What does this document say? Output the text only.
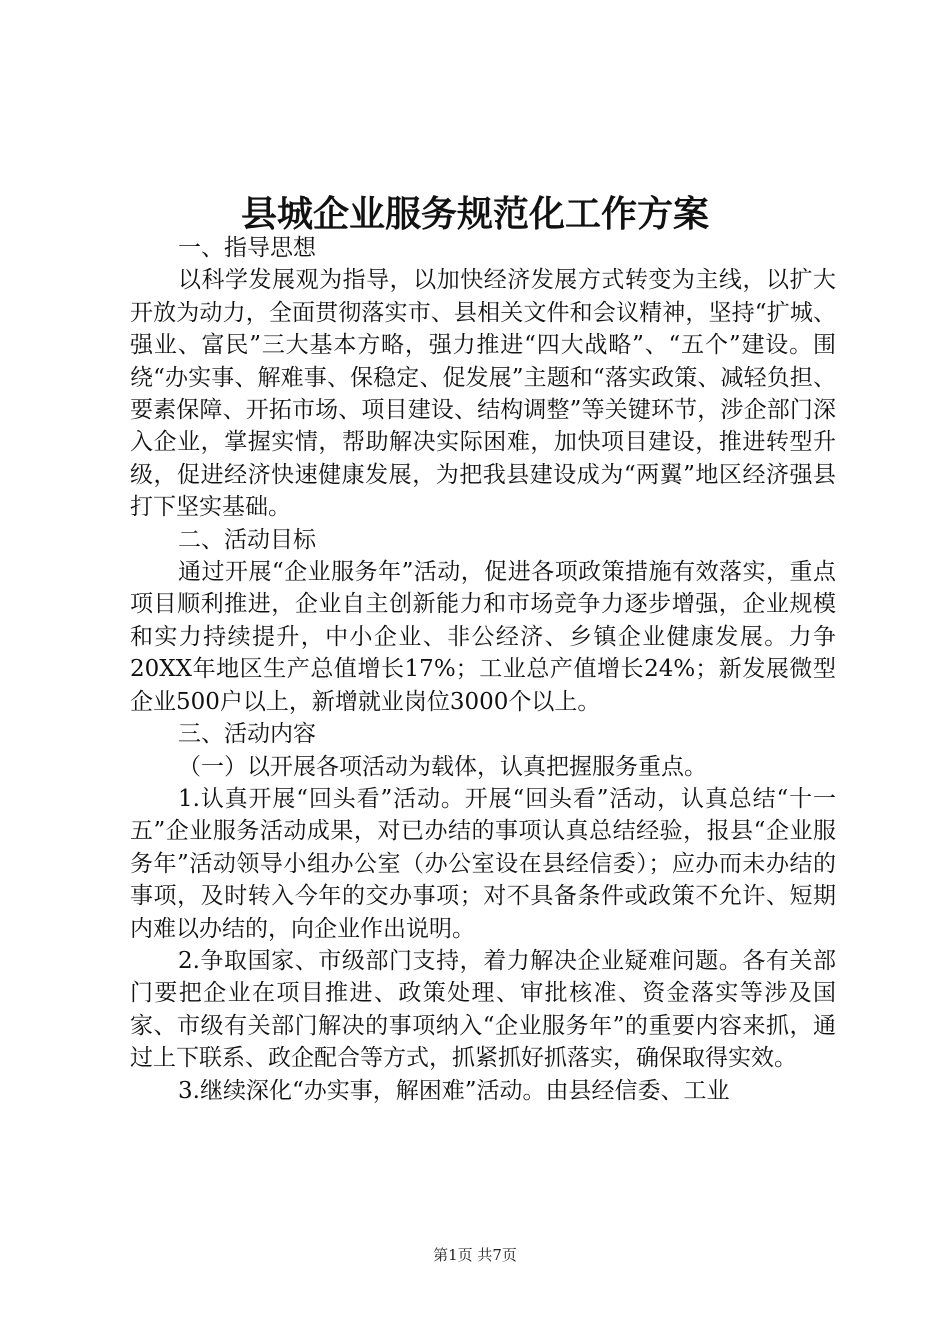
县城企业服务规范化工作方案

一、指导思想

以科学发展观为指导，以加快经济发展方式转变为主线，以扩大开放为动力，全面贯彻落实市、县相关文件和会议精神，坚持“扩城、强业、富民”三大基本方略，强力推进“四大战略”、“五个”建设。围绕“办实事、解难事、保稳定、促发展”主题和“落实政策、减轻负担、要素保障、开拓市场、项目建设、结构调整”等关键环节，涉企部门深入企业，掌握实情，帮助解决实际困难，加快项目建设，推进转型升级，促进经济快速健康发展，为把我县建设成为“两翼”地区经济强县打下坚实基础。

二、活动目标

通过开展“企业服务年”活动，促进各项政策措施有效落实，重点项目顺利推进，企业自主创新能力和市场竞争力逐步增强，企业规模和实力持续提升，中小企业、非公经济、乡镇企业健康发展。力争20XX年地区生产总值增长17%；工业总产值增长24%；新发展微型企业500户以上，新增就业岗位3000个以上。

三、活动内容

（一）以开展各项活动为载体，认真把握服务重点。

1.认真开展“回头看”活动。开展“回头看”活动，认真总结“十一五”企业服务活动成果，对已办结的事项认真总结经验，报县“企业服务年”活动领导小组办公室（办公室设在县经信委）；应办而未办结的事项，及时转入今年的交办事项；对不具备条件或政策不允许、短期内难以办结的，向企业作出说明。

2.争取国家、市级部门支持，着力解决企业疑难问题。各有关部门要把企业在项目推进、政策处理、审批核准、资金落实等涉及国家、市级有关部门解决的事项纳入“企业服务年”的重要内容来抓，通过上下联系、政企配合等方式，抓紧抓好抓落实，确保取得实效。

3.继续深化“办实事，解困难”活动。由县经信委、工业

第1页 共7页
